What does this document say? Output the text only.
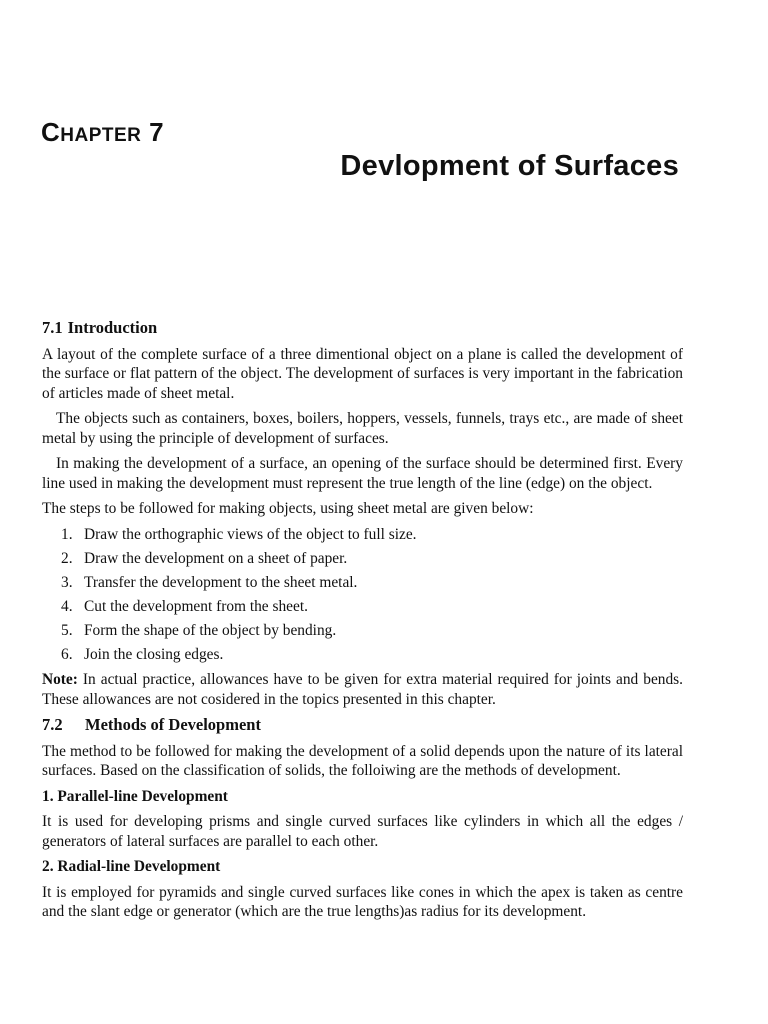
CHAPTER 7
Devlopment of Surfaces
7.1 Introduction

A layout of the complete surface of a three dimentional object on a plane is called the development of the surface or flat pattern of the object. The development of surfaces is very important in the fabrication of articles made of sheet metal.

The objects such as containers, boxes, boilers, hoppers, vessels, funnels, trays etc., are made of sheet metal by using the principle of development of surfaces.

In making the development of a surface, an opening of the surface should be determined first. Every line used in making the development must represent the true length of the line (edge) on the object.

The steps to be followed for making objects, using sheet metal are given below:

1. Draw the orthographic views of the object to full size.
2. Draw the development on a sheet of paper.
3. Transfer the development to the sheet metal.
4. Cut the development from the sheet.
5. Form the shape of the object by bending.
6. Join the closing edges.

Note: In actual practice, allowances have to be given for extra material required for joints and bends. These allowances are not cosidered in the topics presented in this chapter.

7.2 Methods of Development

The method to be followed for making the development of a solid depends upon the nature of its lateral surfaces. Based on the classification of solids, the folloiwing are the methods of development.

1. Parallel-line Development

It is used for developing prisms and single curved surfaces like cylinders in which all the edges / generators of lateral surfaces are parallel to each other.

2. Radial-line Development

It is employed for pyramids and single curved surfaces like cones in which the apex is taken as centre and the slant edge or generator (which are the true lengths)as radius for its development.
